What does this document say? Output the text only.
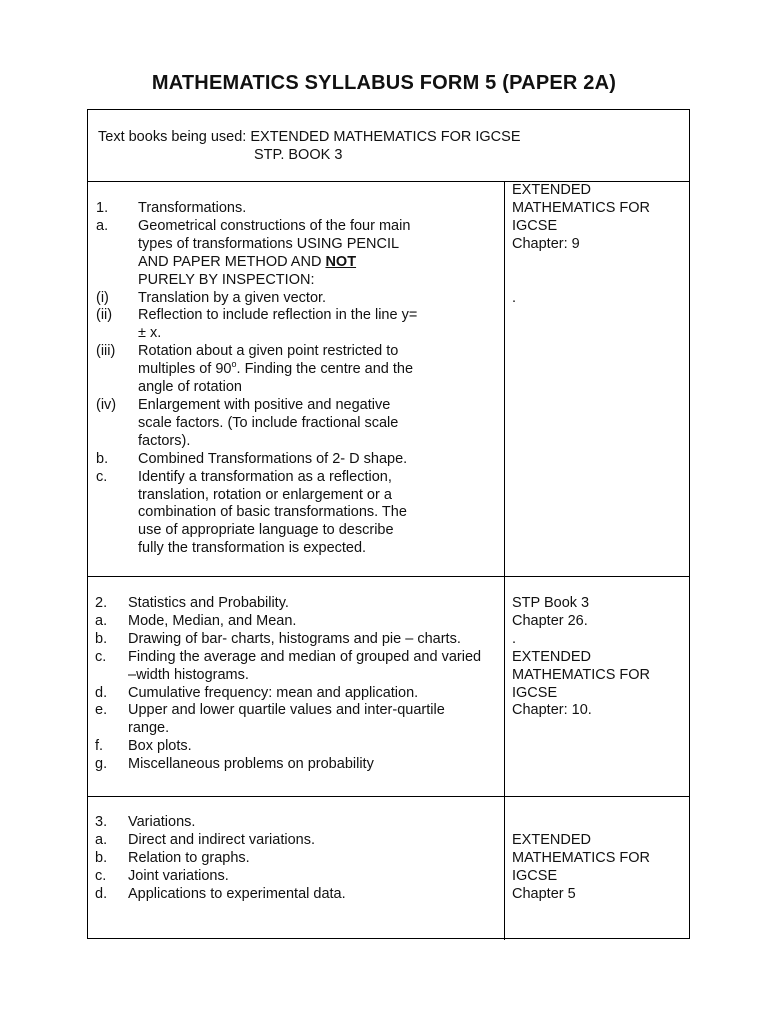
MATHEMATICS SYLLABUS FORM 5 (PAPER 2A)
Text books being used: EXTENDED MATHEMATICS FOR IGCSE
STP. BOOK 3
1.	Transformations.
a.	Geometrical constructions of the four main
types of transformations USING PENCIL
AND PAPER METHOD AND NOT
PURELY BY INSPECTION:
(i)	Translation by a given vector.
(ii)	Reflection to include reflection in the line y=
± x.
(iii)	Rotation about a given point restricted to
multiples of 90$^o$. Finding the centre and the
angle of rotation
(iv)	Enlargement with positive and negative
scale factors. (To include fractional scale
factors).
b.	Combined Transformations of 2- D shape.
c.	Identify a transformation as a reflection,
translation, rotation or enlargement or a
combination of basic transformations. The
use of appropriate language to describe
fully the transformation is expected.
EXTENDED
MATHEMATICS FOR
IGCSE
Chapter: 9
.
2.	Statistics and Probability.
a.	Mode, Median, and Mean.
b.	Drawing of bar- charts, histograms and pie – charts.
c.	Finding the average and median of grouped and varied
–width histograms.
d.	Cumulative frequency: mean and application.
e.	Upper and lower quartile values and inter-quartile
range.
f.	Box plots.
g.	Miscellaneous problems on probability
STP Book 3
Chapter 26.
.
EXTENDED
MATHEMATICS FOR
IGCSE
Chapter: 10.
3.	Variations.
a.	Direct and indirect variations.
b.	Relation to graphs.
c.	Joint variations.
d.	Applications to experimental data.
EXTENDED
MATHEMATICS FOR
IGCSE
Chapter 5
